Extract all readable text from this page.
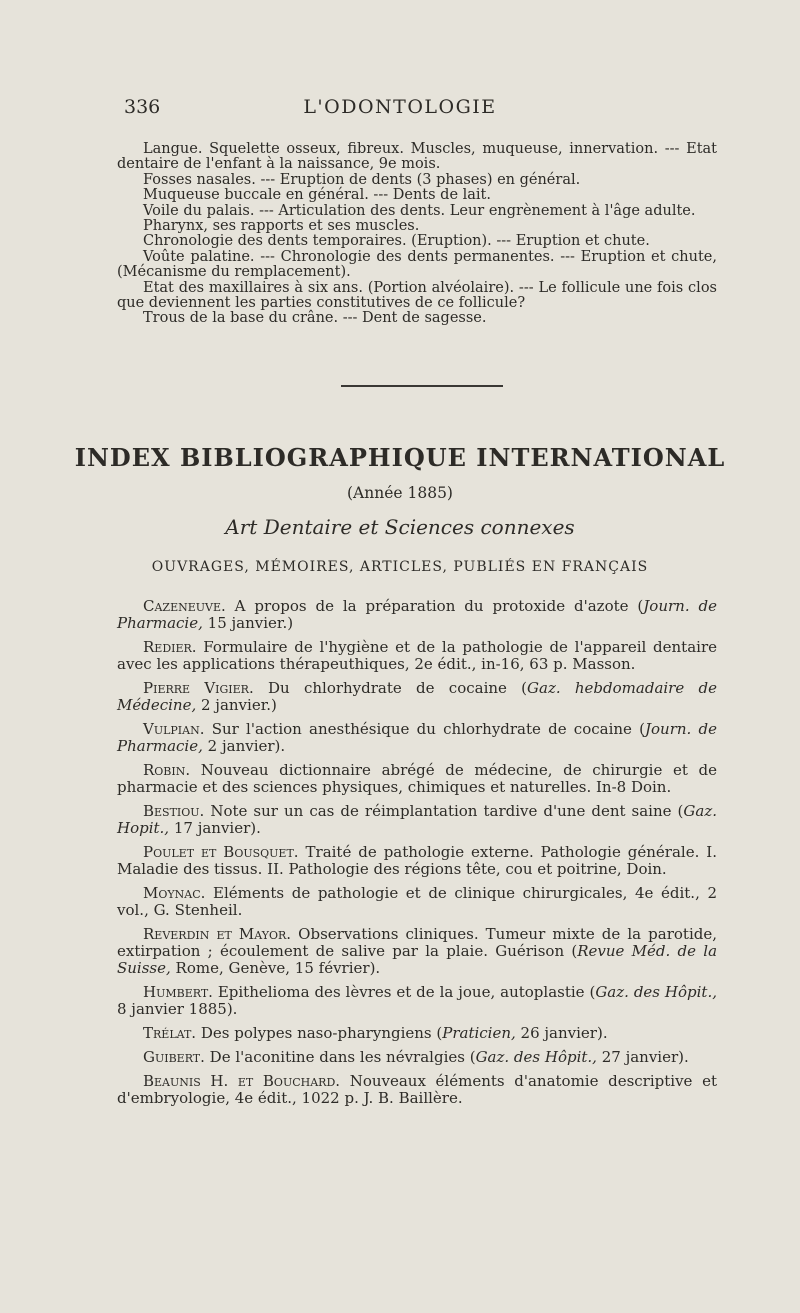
336	L'ODONTOLOGIE

Langue. Squelette osseux, fibreux. Muscles, muqueuse, innervation. --- Etat dentaire de l'enfant à la naissance, 9e mois.

Fosses nasales. --- Eruption de dents (3 phases) en général.

Muqueuse buccale en général. --- Dents de lait.

Voile du palais. --- Articulation des dents. Leur engrènement à l'âge adulte.

Pharynx, ses rapports et ses muscles.

Chronologie des dents temporaires. (Eruption). --- Eruption et chute.

Voûte palatine. --- Chronologie des dents permanentes. --- Eruption et chute, (Mécanisme du remplacement).

Etat des maxillaires à six ans. (Portion alvéolaire). --- Le follicule une fois clos que deviennent les parties constitutives de ce follicule?

Trous de la base du crâne. --- Dent de sagesse.

INDEX BIBLIOGRAPHIQUE INTERNATIONAL
(Année 1885)
Art Dentaire et Sciences connexes
OUVRAGES, MÉMOIRES, ARTICLES, PUBLIÉS EN FRANÇAIS

Cazeneuve. A propos de la préparation du protoxide d'azote (Journ. de Pharmacie, 15 janvier.)

Redier. Formulaire de l'hygiène et de la pathologie de l'appareil dentaire avec les applications thérapeuthiques, 2e édit., in-16, 63 p. Masson.

Pierre Vigier. Du chlorhydrate de cocaine (Gaz. hebdomadaire de Médecine, 2 janvier.)

Vulpian. Sur l'action anesthésique du chlorhydrate de cocaine (Journ. de Pharmacie, 2 janvier).

Robin. Nouveau dictionnaire abrégé de médecine, de chirurgie et de pharmacie et des sciences physiques, chimiques et naturelles. In-8 Doin.

Bestiou. Note sur un cas de réimplantation tardive d'une dent saine (Gaz. Hopit., 17 janvier).

Poulet et Bousquet. Traité de pathologie externe. Pathologie générale. I. Maladie des tissus. II. Pathologie des régions tête, cou et poitrine, Doin.

Moynac. Eléments de pathologie et de clinique chirurgicales, 4e édit., 2 vol., G. Stenheil.

Reverdin et Mayor. Observations cliniques. Tumeur mixte de la parotide, extirpation ; écoulement de salive par la plaie. Guérison (Revue Méd. de la Suisse, Rome, Genève, 15 février).

Humbert. Epithelioma des lèvres et de la joue, autoplastie (Gaz. des Hôpit., 8 janvier 1885).

Trélat. Des polypes naso-pharyngiens (Praticien, 26 janvier).

Guibert. De l'aconitine dans les névralgies (Gaz. des Hôpit., 27 janvier).

Beaunis H. et Bouchard. Nouveaux éléments d'anatomie descriptive et d'embryologie, 4e édit., 1022 p. J. B. Baillère.
